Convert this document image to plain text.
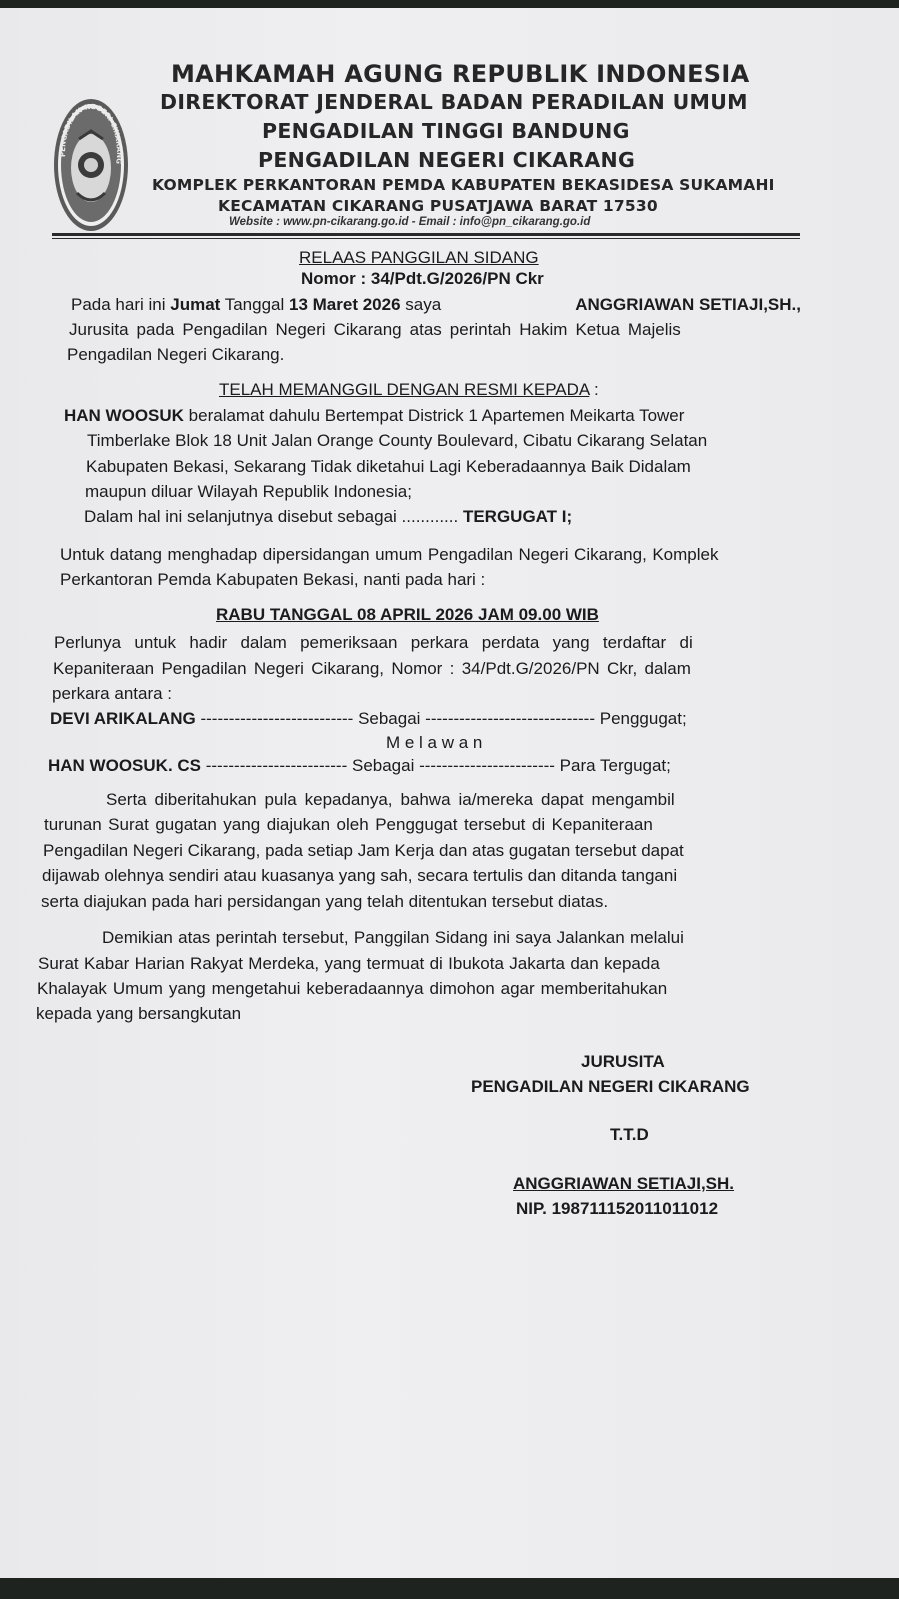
PENGADILAN NEGERI CIKARANG
MAHKAMAH AGUNG REPUBLIK INDONESIA
DIREKTORAT JENDERAL BADAN PERADILAN UMUM
PENGADILAN TINGGI BANDUNG
PENGADILAN NEGERI CIKARANG
KOMPLEK PERKANTORAN PEMDA KABUPATEN BEKASIDESA SUKAMAHI
KECAMATAN CIKARANG PUSATJAWA BARAT 17530
Website : www.pn-cikarang.go.id - Email : info@pn_cikarang.go.id
RELAAS PANGGILAN SIDANG
Nomor : 34/Pdt.G/2026/PN Ckr
Pada hari ini Jumat Tanggal 13 Maret 2026 saya	ANGGRIAWAN SETIAJI,SH.,
Jurusita pada Pengadilan Negeri Cikarang atas perintah Hakim Ketua Majelis
Pengadilan Negeri Cikarang.
TELAH MEMANGGIL DENGAN RESMI KEPADA :
HAN WOOSUK beralamat dahulu Bertempat Districk 1 Apartemen Meikarta Tower
Timberlake Blok 18 Unit Jalan Orange County Boulevard, Cibatu Cikarang Selatan
Kabupaten Bekasi, Sekarang Tidak diketahui Lagi Keberadaannya Baik Didalam
maupun diluar Wilayah Republik Indonesia;
Dalam hal ini selanjutnya disebut sebagai ............ TERGUGAT I;
Untuk datang menghadap dipersidangan umum Pengadilan Negeri Cikarang, Komplek
Perkantoran Pemda Kabupaten Bekasi, nanti pada hari :
RABU TANGGAL 08 APRIL 2026 JAM 09.00 WIB
Perlunya untuk hadir dalam pemeriksaan perkara perdata yang terdaftar di
Kepaniteraan Pengadilan Negeri Cikarang, Nomor : 34/Pdt.G/2026/PN Ckr, dalam
perkara antara :
DEVI ARIKALANG --------------------------- Sebagai ------------------------------ Penggugat;
M e l a w a n
HAN WOOSUK. CS ------------------------- Sebagai ------------------------ Para Tergugat;
Serta diberitahukan pula kepadanya, bahwa ia/mereka dapat mengambil
turunan Surat gugatan yang diajukan oleh Penggugat tersebut di Kepaniteraan
Pengadilan Negeri Cikarang, pada setiap Jam Kerja dan atas gugatan tersebut dapat
dijawab olehnya sendiri atau kuasanya yang sah, secara tertulis dan ditanda tangani
serta diajukan pada hari persidangan yang telah ditentukan tersebut diatas.
Demikian atas perintah tersebut, Panggilan Sidang ini saya Jalankan melalui
Surat Kabar Harian Rakyat Merdeka, yang termuat di Ibukota Jakarta dan kepada
Khalayak Umum yang mengetahui keberadaannya dimohon agar memberitahukan
kepada yang bersangkutan
JURUSITA
PENGADILAN NEGERI CIKARANG
T.T.D
ANGGRIAWAN SETIAJI,SH.
NIP. 198711152011011012
